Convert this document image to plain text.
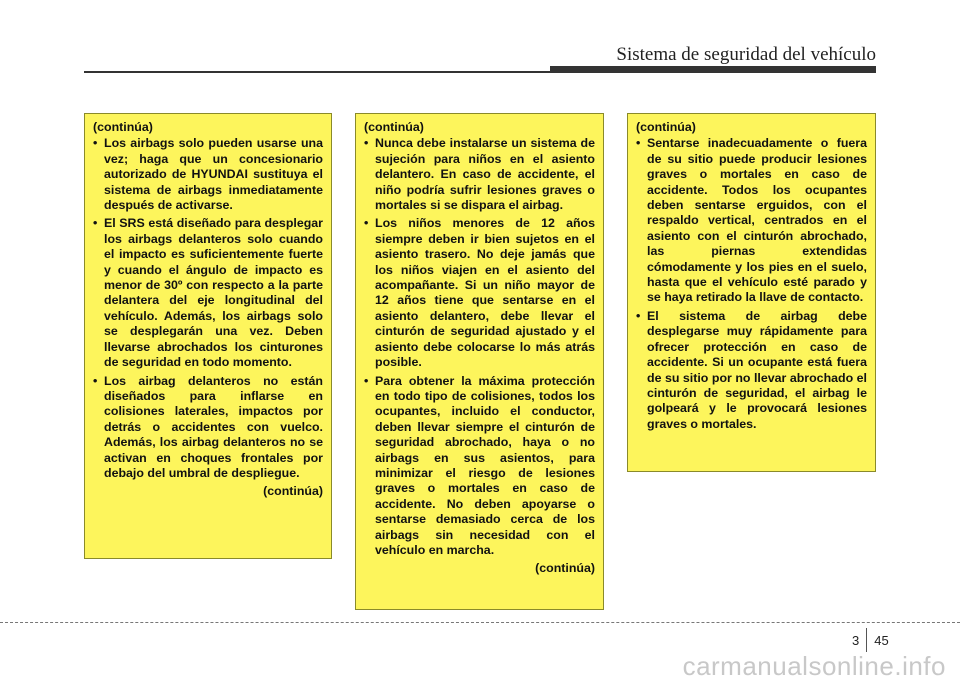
Sistema de seguridad del vehículo
(continúa)
• Los airbags solo pueden usarse una vez; haga que un concesionario autorizado de HYUNDAI sustituya el sistema de airbags inmediatamente después de activarse.
• El SRS está diseñado para desplegar los airbags delanteros solo cuando el impacto es suficientemente fuerte y cuando el ángulo de impacto es menor de 30º con respecto a la parte delantera del eje longitudinal del vehículo. Además, los airbags solo se desplegarán una vez. Deben llevarse abrochados los cinturones de seguridad en todo momento.
• Los airbag delanteros no están diseñados para inflarse en colisiones laterales, impactos por detrás o accidentes con vuelco. Además, los airbag delanteros no se activan en choques frontales por debajo del umbral de despliegue.
(continúa)
(continúa)
• Nunca debe instalarse un sistema de sujeción para niños en el asiento delantero. En caso de accidente, el niño podría sufrir lesiones graves o mortales si se dispara el airbag.
• Los niños menores de 12 años siempre deben ir bien sujetos en el asiento trasero. No deje jamás que los niños viajen en el asiento del acompañante. Si un niño mayor de 12 años tiene que sentarse en el asiento delantero, debe llevar el cinturón de seguridad ajustado y el asiento debe colocarse lo más atrás posible.
• Para obtener la máxima protección en todo tipo de colisiones, todos los ocupantes, incluido el conductor, deben llevar siempre el cinturón de seguridad abrochado, haya o no airbags en sus asientos, para minimizar el riesgo de lesiones graves o mortales en caso de accidente. No deben apoyarse o sentarse demasiado cerca de los airbags sin necesidad con el vehículo en marcha.
(continúa)
(continúa)
• Sentarse inadecuadamente o fuera de su sitio puede producir lesiones graves o mortales en caso de accidente. Todos los ocupantes deben sentarse erguidos, con el respaldo vertical, centrados en el asiento con el cinturón abrochado, las piernas extendidas cómodamente y los pies en el suelo, hasta que el vehículo esté parado y se haya retirado la llave de contacto.
• El sistema de airbag debe desplegarse muy rápidamente para ofrecer protección en caso de accidente. Si un ocupante está fuera de su sitio por no llevar abrochado el cinturón de seguridad, el airbag le golpeará y le provocará lesiones graves o mortales.
3 45
carmanualsonline.info
